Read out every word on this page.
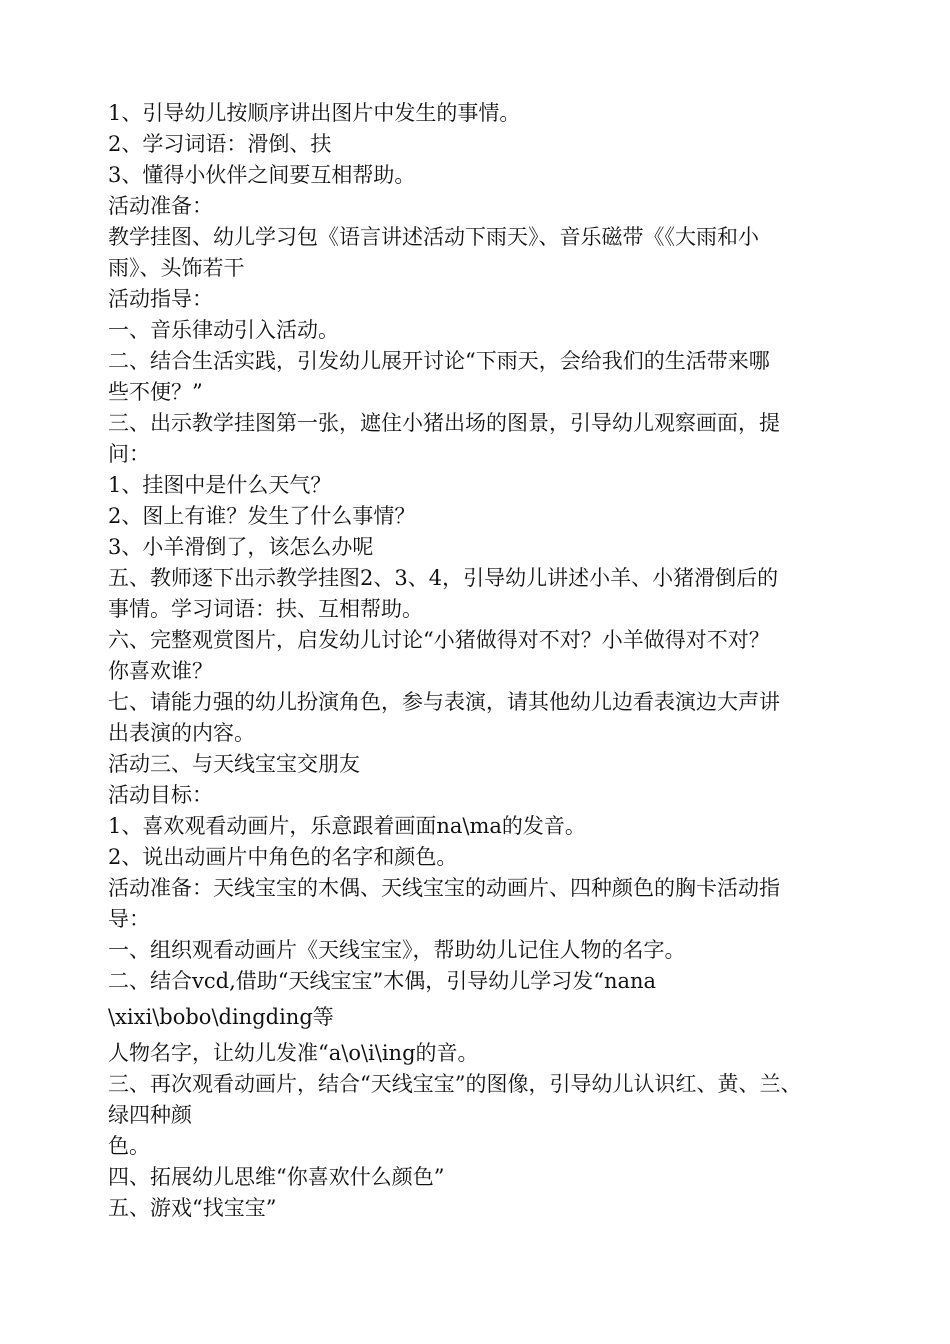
1、引导幼儿按顺序讲出图片中发生的事情。
2、学习词语：滑倒、扶
3、懂得小伙伴之间要互相帮助。
活动准备：
教学挂图、幼儿学习包《语言讲述活动下雨天》、音乐磁带《《大雨和小
雨》、头饰若干
活动指导：
一、音乐律动引入活动。
二、结合生活实践，引发幼儿展开讨论“下雨天，会给我们的生活带来哪
些不便？”
三、出示教学挂图第一张，遮住小猪出场的图景，引导幼儿观察画面，提
问：
1、挂图中是什么天气？
2、图上有谁？发生了什么事情？
3、小羊滑倒了，该怎么办呢
五、教师逐下出示教学挂图2、3、4，引导幼儿讲述小羊、小猪滑倒后的
事情。学习词语：扶、互相帮助。
六、完整观赏图片，启发幼儿讨论“小猪做得对不对？小羊做得对不对？
你喜欢谁？
七、请能力强的幼儿扮演角色，参与表演，请其他幼儿边看表演边大声讲
出表演的内容。
活动三、与天线宝宝交朋友
活动目标：
1、喜欢观看动画片，乐意跟着画面na\ma的发音。
2、说出动画片中角色的名字和颜色。
活动准备：天线宝宝的木偶、天线宝宝的动画片、四种颜色的胸卡活动指
导：
一、组织观看动画片《天线宝宝》，帮助幼儿记住人物的名字。
二、结合vcd,借助“天线宝宝”木偶，引导幼儿学习发“nana
\xixi\bobo\dingding等
人物名字，让幼儿发准“a\o\i\ing的音。
三、再次观看动画片，结合“天线宝宝”的图像，引导幼儿认识红、黄、兰、
绿四种颜
色。
四、拓展幼儿思维“你喜欢什么颜色”
五、游戏“找宝宝”
